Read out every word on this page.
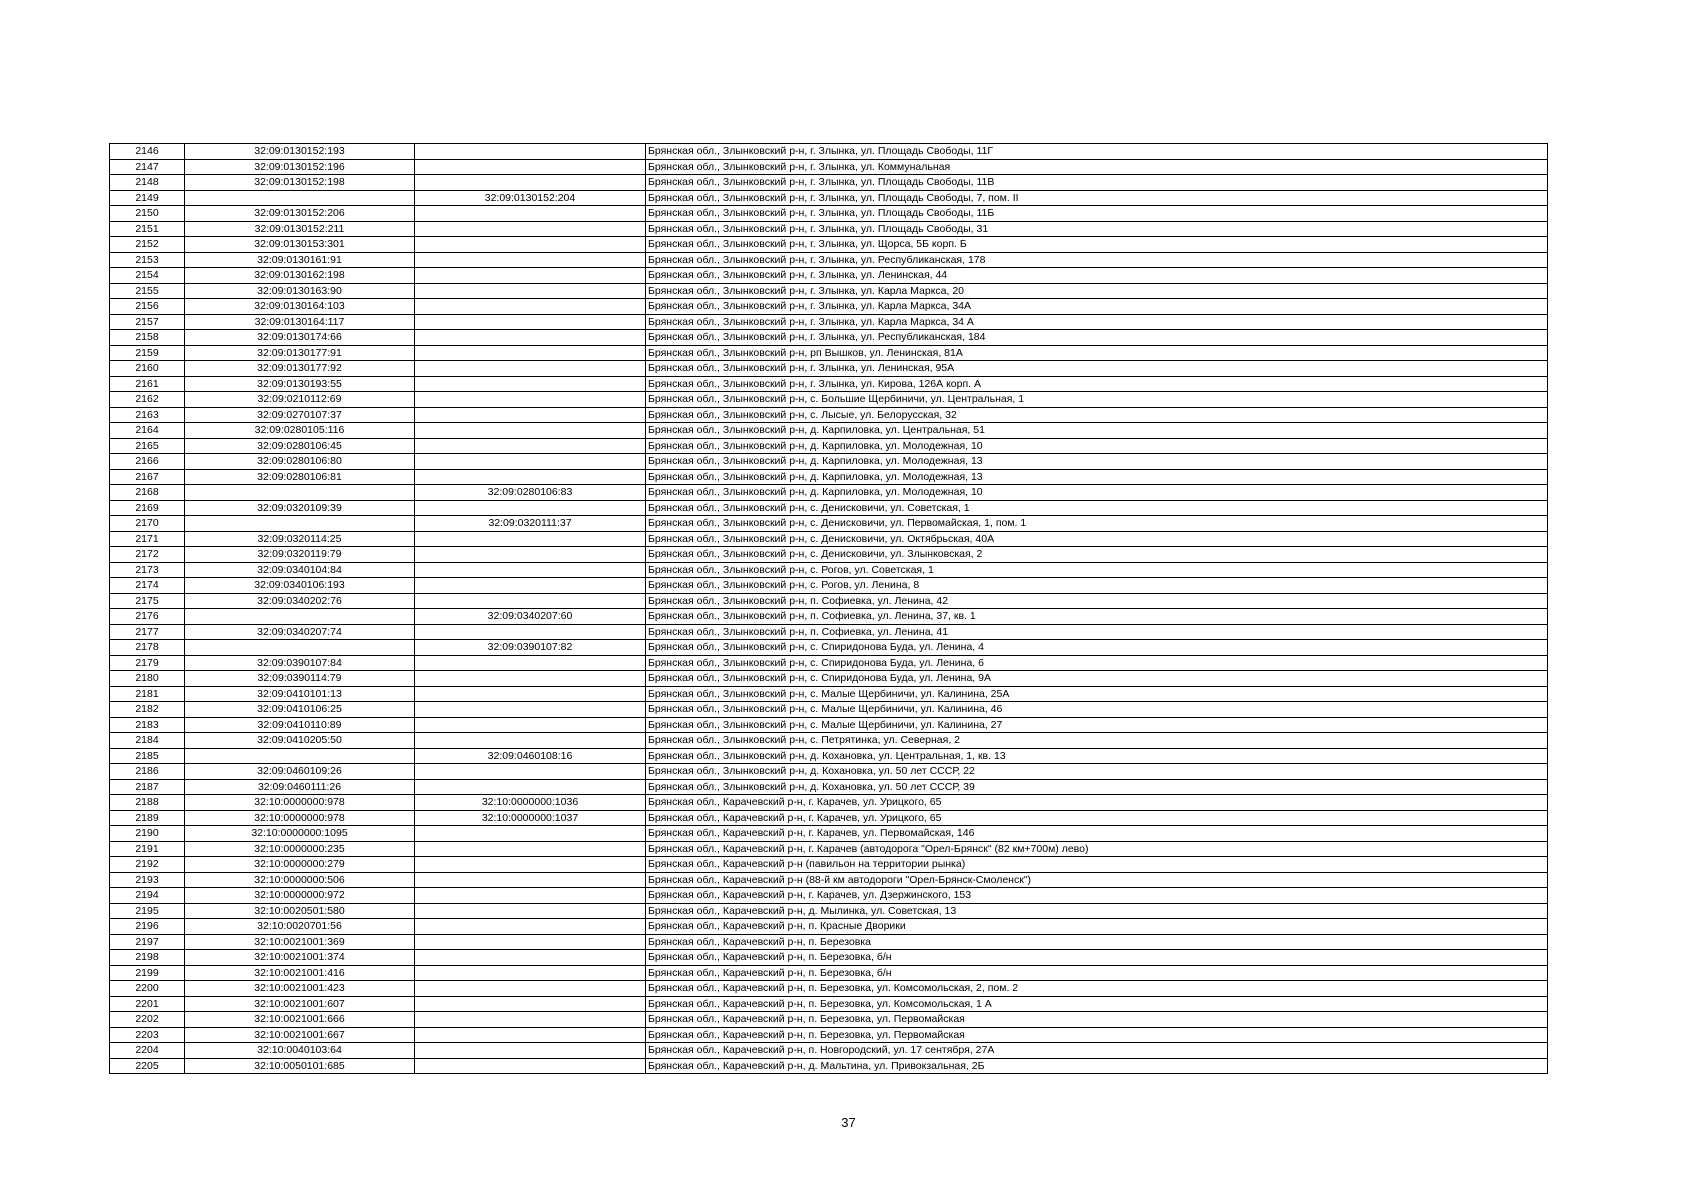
2146	32:09:0130152:193		Брянская обл., Злынковский р-н, г. Злынка, ул. Площадь Свободы, 11Г
2147	32:09:0130152:196		Брянская обл., Злынковский р-н, г. Злынка, ул. Коммунальная
2148	32:09:0130152:198		Брянская обл., Злынковский р-н, г. Злынка, ул. Площадь Свободы, 11В
2149		32:09:0130152:204	Брянская обл., Злынковский р-н, г. Злынка, ул. Площадь Свободы, 7, пом. II
2150	32:09:0130152:206		Брянская обл., Злынковский р-н, г. Злынка, ул. Площадь Свободы, 11Б
2151	32:09:0130152:211		Брянская обл., Злынковский р-н, г. Злынка, ул. Площадь Свободы, 31
2152	32:09:0130153:301		Брянская обл., Злынковский р-н, г. Злынка, ул. Щорса, 5Б корп. Б
2153	32:09:0130161:91		Брянская обл., Злынковский р-н, г. Злынка, ул. Республиканская, 178
2154	32:09:0130162:198		Брянская обл., Злынковский р-н, г. Злынка, ул. Ленинская, 44
2155	32:09:0130163:90		Брянская обл., Злынковский р-н, г. Злынка, ул. Карла Маркса, 20
2156	32:09:0130164:103		Брянская обл., Злынковский р-н, г. Злынка, ул. Карла Маркса, 34А
2157	32:09:0130164:117		Брянская обл., Злынковский р-н, г. Злынка, ул. Карла Маркса, 34 А
2158	32:09:0130174:66		Брянская обл., Злынковский р-н, г. Злынка, ул. Республиканская, 184
2159	32:09:0130177:91		Брянская обл., Злынковский р-н, рп Вышков, ул. Ленинская, 81А
2160	32:09:0130177:92		Брянская обл., Злынковский р-н, г. Злынка, ул. Ленинская, 95А
2161	32:09:0130193:55		Брянская обл., Злынковский р-н, г. Злынка, ул. Кирова, 126А корп. А
2162	32:09:0210112:69		Брянская обл., Злынковский р-н, с. Большие Щербиничи, ул. Центральная, 1
2163	32:09:0270107:37		Брянская обл., Злынковский р-н, с. Лысые, ул. Белорусская, 32
2164	32:09:0280105:116		Брянская обл., Злынковский р-н, д. Карпиловка, ул. Центральная, 51
2165	32:09:0280106:45		Брянская обл., Злынковский р-н, д. Карпиловка, ул. Молодежная, 10
2166	32:09:0280106:80		Брянская обл., Злынковский р-н, д. Карпиловка, ул. Молодежная, 13
2167	32:09:0280106:81		Брянская обл., Злынковский р-н, д. Карпиловка, ул. Молодежная, 13
2168		32:09:0280106:83	Брянская обл., Злынковский р-н, д. Карпиловка, ул. Молодежная, 10
2169	32:09:0320109:39		Брянская обл., Злынковский р-н, с. Денисковичи, ул. Советская, 1
2170		32:09:0320111:37	Брянская обл., Злынковский р-н, с. Денисковичи, ул. Первомайская, 1, пом. 1
2171	32:09:0320114:25		Брянская обл., Злынковский р-н, с. Денисковичи, ул. Октябрьская, 40А
2172	32:09:0320119:79		Брянская обл., Злынковский р-н, с. Денисковичи, ул. Злынковская, 2
2173	32:09:0340104:84		Брянская обл., Злынковский р-н, с. Рогов, ул. Советская, 1
2174	32:09:0340106:193		Брянская обл., Злынковский р-н, с. Рогов, ул. Ленина, 8
2175	32:09:0340202:76		Брянская обл., Злынковский р-н, п. Софиевка, ул. Ленина, 42
2176		32:09:0340207:60	Брянская обл., Злынковский р-н, п. Софиевка, ул. Ленина, 37, кв. 1
2177	32:09:0340207:74		Брянская обл., Злынковский р-н, п. Софиевка, ул. Ленина, 41
2178		32:09:0390107:82	Брянская обл., Злынковский р-н, с. Спиридонова Буда, ул. Ленина, 4
2179	32:09:0390107:84		Брянская обл., Злынковский р-н, с. Спиридонова Буда, ул. Ленина, 6
2180	32:09:0390114:79		Брянская обл., Злынковский р-н, с. Спиридонова Буда, ул. Ленина, 9А
2181	32:09:0410101:13		Брянская обл., Злынковский р-н, с. Малые Щербиничи, ул. Калинина, 25А
2182	32:09:0410106:25		Брянская обл., Злынковский р-н, с. Малые Щербиничи, ул. Калинина, 46
2183	32:09:0410110:89		Брянская обл., Злынковский р-н, с. Малые Щербиничи, ул. Калинина, 27
2184	32:09:0410205:50		Брянская обл., Злынковский р-н, с. Петрятинка, ул. Северная, 2
2185		32:09:0460108:16	Брянская обл., Злынковский р-н, д. Кохановка, ул. Центральная, 1, кв. 13
2186	32:09:0460109:26		Брянская обл., Злынковский р-н, д. Кохановка, ул. 50 лет СССР, 22
2187	32:09:0460111:26		Брянская обл., Злынковский р-н, д. Кохановка, ул. 50 лет СССР, 39
2188	32:10:0000000:978	32:10:0000000:1036	Брянская обл., Карачевский р-н, г. Карачев, ул. Урицкого, 65
2189	32:10:0000000:978	32:10:0000000:1037	Брянская обл., Карачевский р-н, г. Карачев, ул. Урицкого, 65
2190	32:10:0000000:1095		Брянская обл., Карачевский р-н, г. Карачев, ул. Первомайская, 146
2191	32:10:0000000:235		Брянская обл., Карачевский р-н, г. Карачев (автодорога "Орел-Брянск" (82 км+700м) лево)
2192	32:10:0000000:279		Брянская обл., Карачевский р-н (павильон на территории рынка)
2193	32:10:0000000:506		Брянская обл., Карачевский р-н (88-й км автодороги "Орел-Брянск-Смоленск")
2194	32:10:0000000:972		Брянская обл., Карачевский р-н, г. Карачев, ул. Дзержинского, 153
2195	32:10:0020501:580		Брянская обл., Карачевский р-н, д. Мылинка, ул. Советская, 13
2196	32:10:0020701:56		Брянская обл., Карачевский р-н, п. Красные Дворики
2197	32:10:0021001:369		Брянская обл., Карачевский р-н, п. Березовка
2198	32:10:0021001:374		Брянская обл., Карачевский р-н, п. Березовка, б/н
2199	32:10:0021001:416		Брянская обл., Карачевский р-н, п. Березовка, б/н
2200	32:10:0021001:423		Брянская обл., Карачевский р-н, п. Березовка, ул. Комсомольская, 2, пом. 2
2201	32:10:0021001:607		Брянская обл., Карачевский р-н, п. Березовка, ул. Комсомольская, 1 А
2202	32:10:0021001:666		Брянская обл., Карачевский р-н, п. Березовка, ул. Первомайская
2203	32:10:0021001:667		Брянская обл., Карачевский р-н, п. Березовка, ул. Первомайская
2204	32:10:0040103:64		Брянская обл., Карачевский р-н, п. Новгородский, ул. 17 сентября, 27А
2205	32:10:0050101:685		Брянская обл., Карачевский р-н, д. Мальтина, ул. Привокзальная, 2Б
37
